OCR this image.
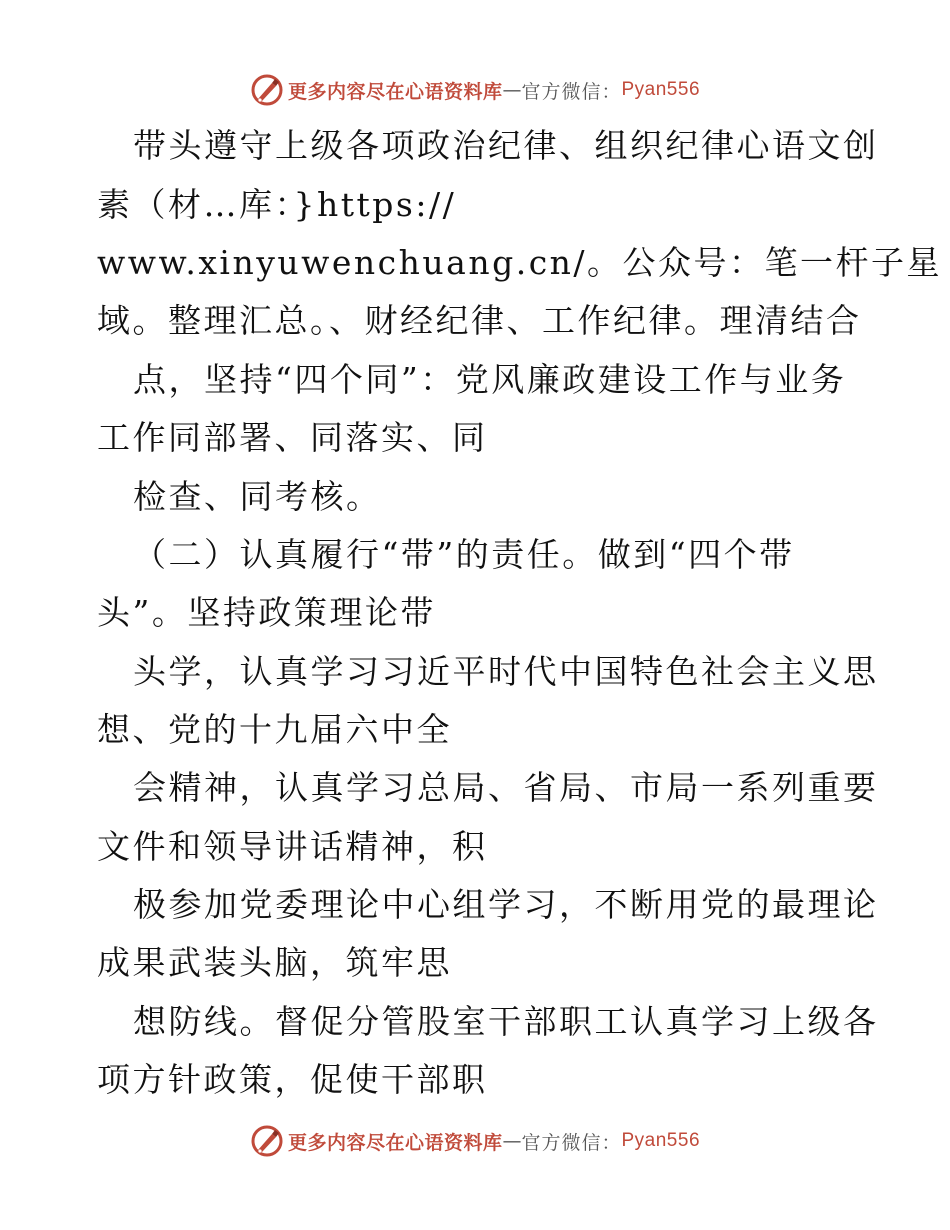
更多内容尽在心语资料库 — 官方微信： Pyan556
带头遵守上级各项政治纪律、组织纪律心语文创
素（材…库：}https://
www.xinyuwenchuang.cn/。公众号：笔一杆子星
域。整理汇总。、财经纪律、工作纪律。理清结合
点，坚持“四个同”：党风廉政建设工作与业务
工作同部署、同落实、同
检查、同考核。
（二）认真履行“带”的责任。做到“四个带
头”。坚持政策理论带
头学，认真学习习近平时代中国特色社会主义思
想、党的十九届六中全
会精神，认真学习总局、省局、市局一系列重要
文件和领导讲话精神，积
极参加党委理论中心组学习，不断用党的最理论
成果武装头脑，筑牢思
想防线。督促分管股室干部职工认真学习上级各
项方针政策，促使干部职
更多内容尽在心语资料库 — 官方微信： Pyan556
